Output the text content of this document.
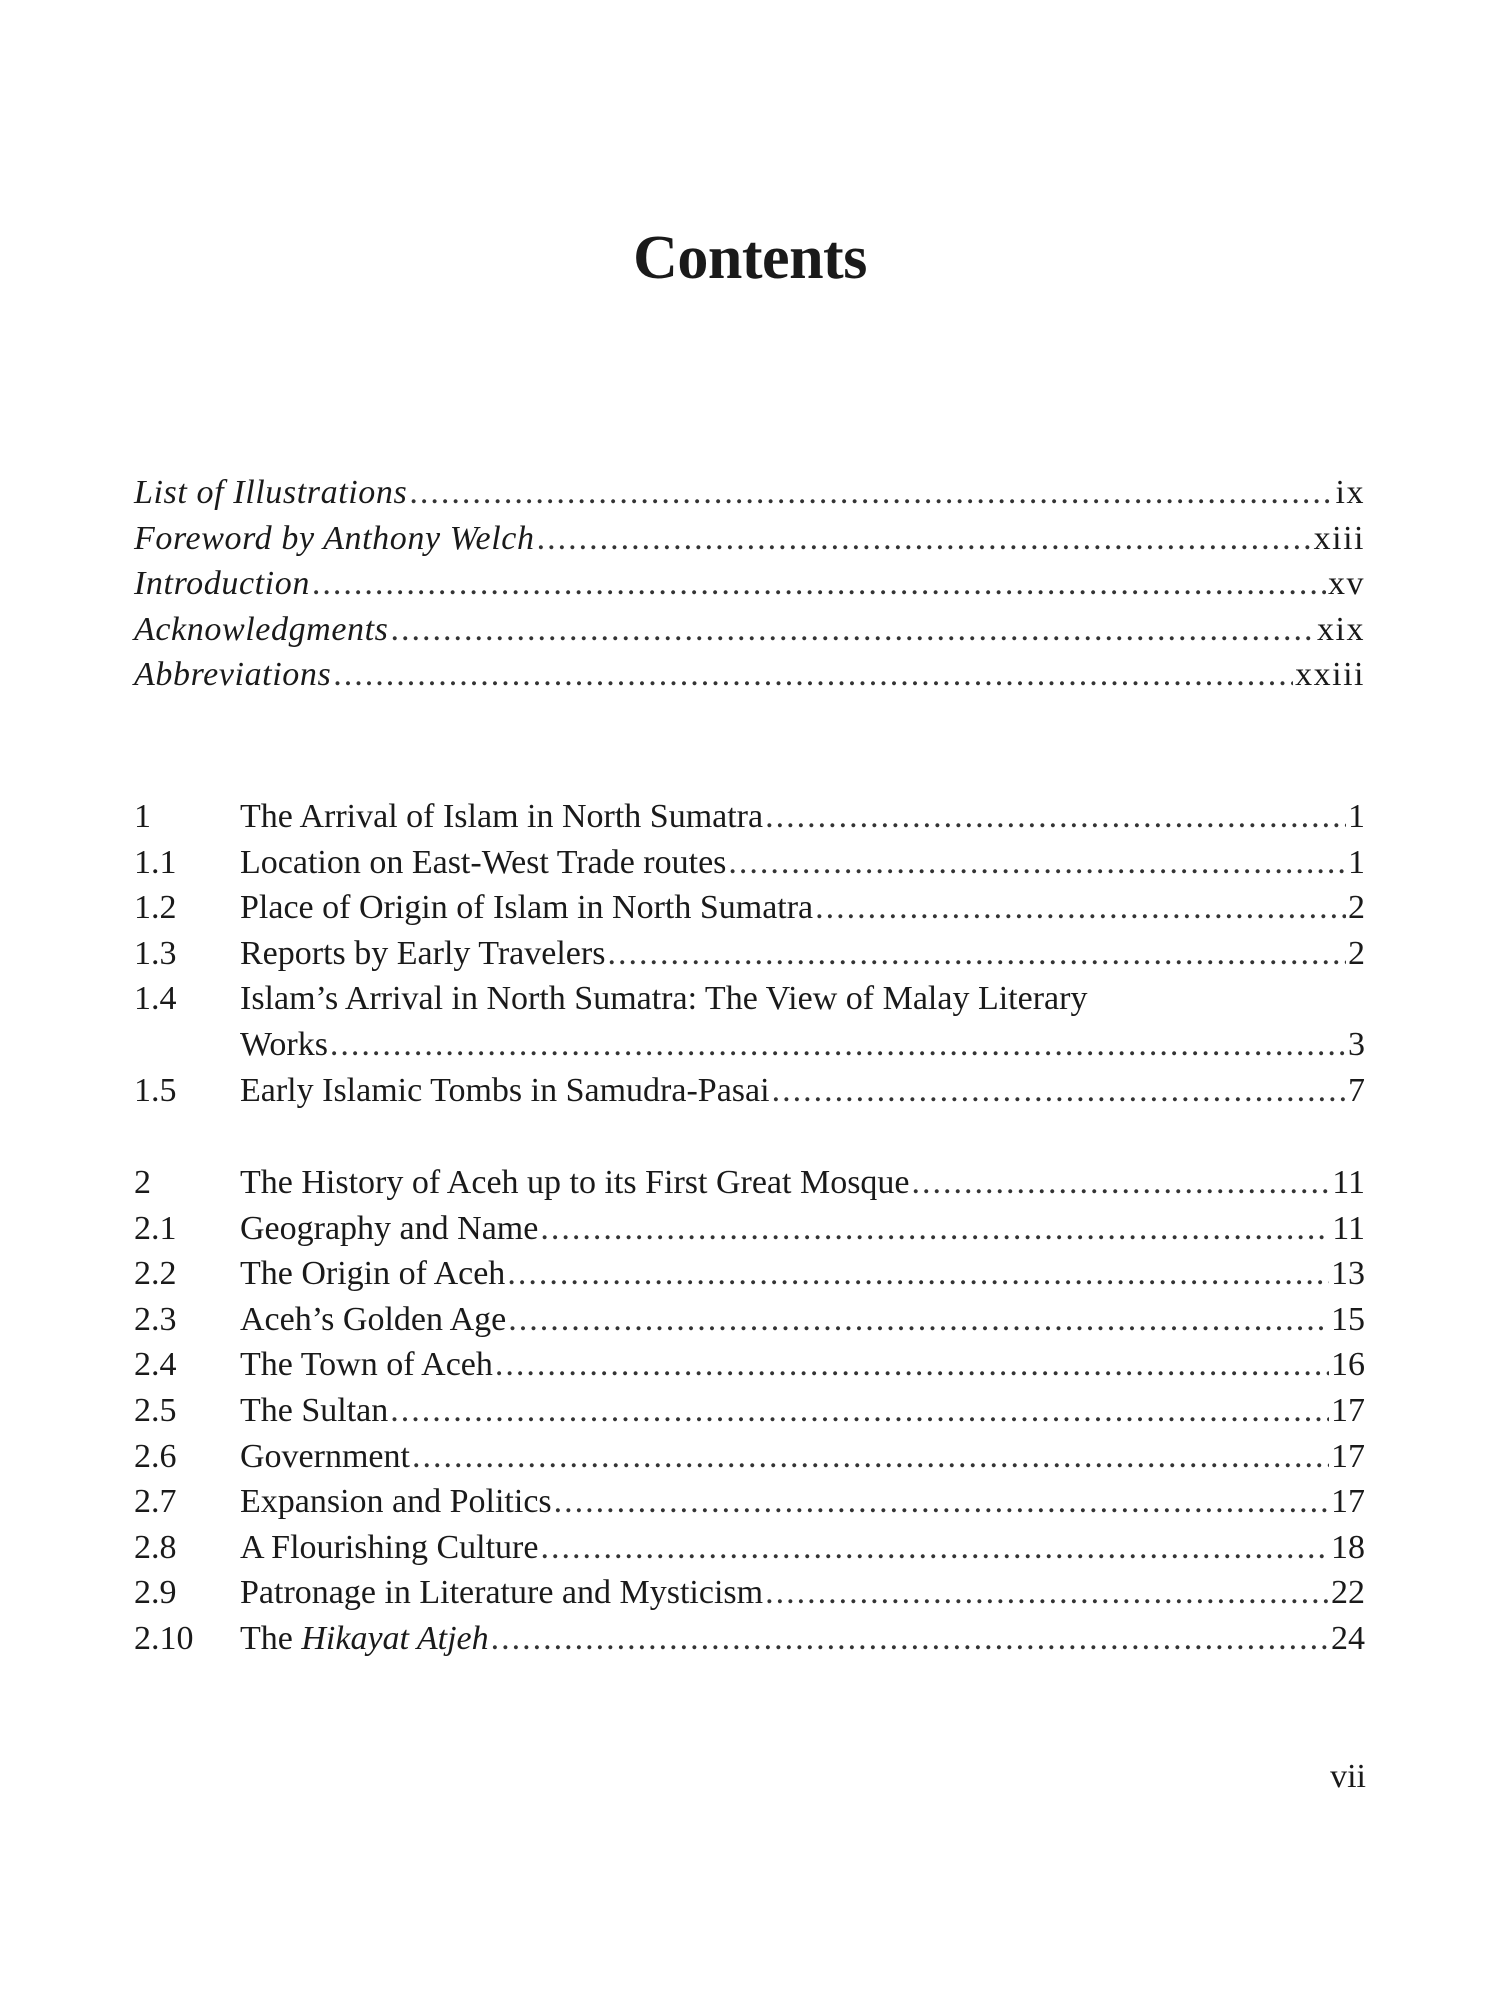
Contents
List of Illustrations .....	ix
Foreword by Anthony Welch .....	xiii
Introduction .....	xv
Acknowledgments .....	xix
Abbreviations .....	xxiii
1	The Arrival of Islam in North Sumatra .....	1
1.1	Location on East-West Trade routes .....	1
1.2	Place of Origin of Islam in North Sumatra .....	2
1.3	Reports by Early Travelers .....	2
1.4	Islam’s Arrival in North Sumatra: The View of Malay Literary
Works .....	3
1.5	Early Islamic Tombs in Samudra-Pasai .....	7
2	The History of Aceh up to its First Great Mosque .....	11
2.1	Geography and Name .....	11
2.2	The Origin of Aceh .....	13
2.3	Aceh’s Golden Age .....	15
2.4	The Town of Aceh .....	16
2.5	The Sultan .....	17
2.6	Government .....	17
2.7	Expansion and Politics .....	17
2.8	A Flourishing Culture .....	18
2.9	Patronage in Literature and Mysticism .....	22
2.10	The Hikayat Atjeh .....	24
vii
